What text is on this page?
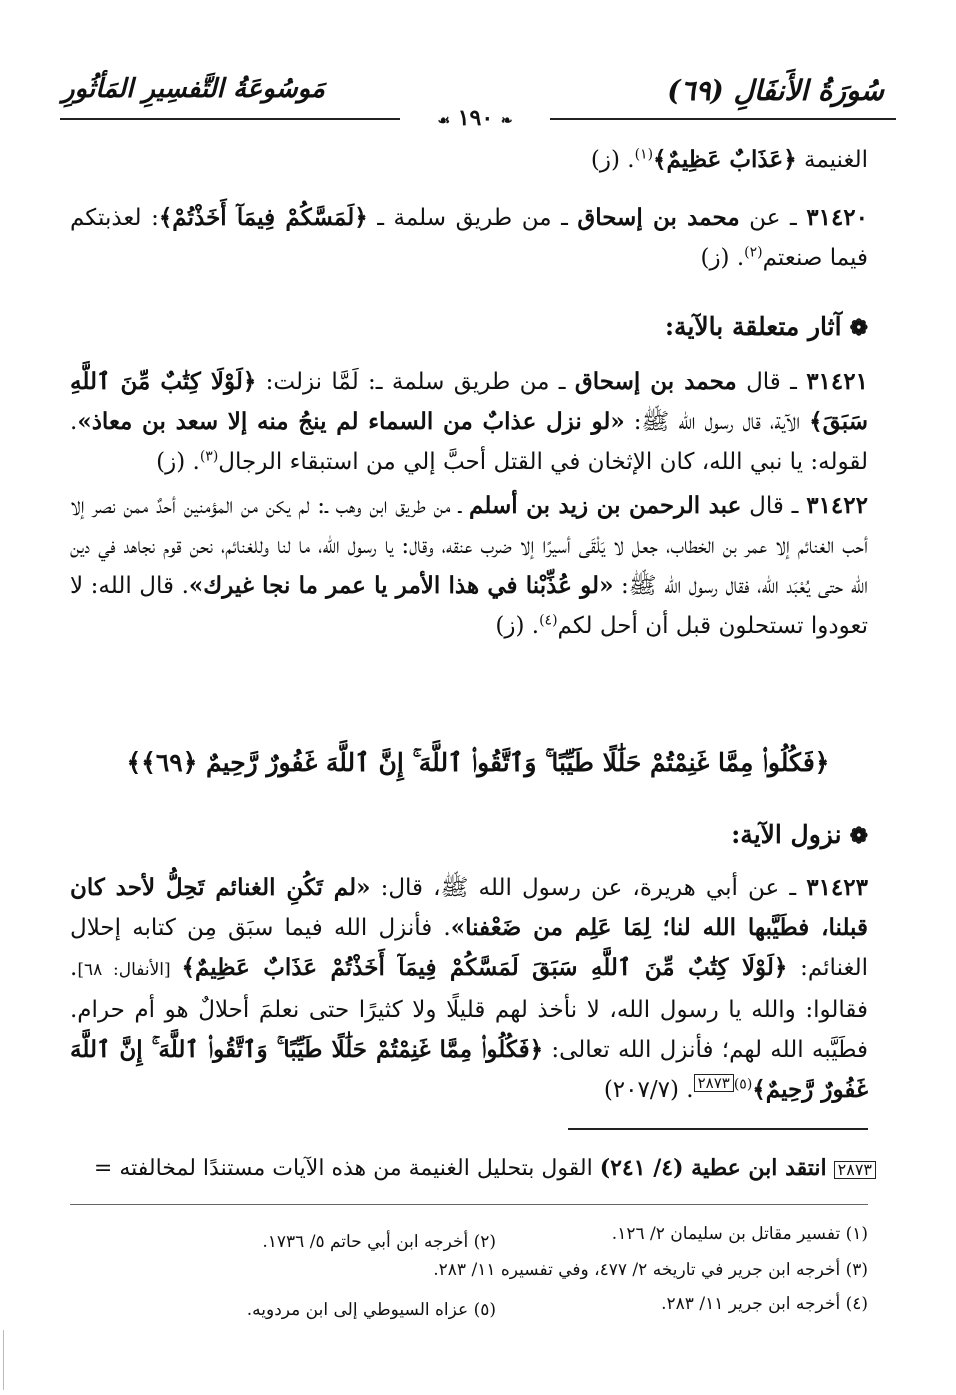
سُورَةُ الأَنفَالِ (٦٩)
مَوسُوعَةُ التَّفسِيرِ المَأثُورِ
❧ ١٩٠ ☙
الغنيمة ﴿عَذَابٌ عَظِيمٌ﴾$^{(١)}$. (ز)
٣١٤٢٠ ـ عن محمد بن إسحاق ـ من طريق سلمة ـ ﴿لَمَسَّكُمْ فِيمَآ أَخَذْتُمْ﴾: لعذبتكم فيما صنعتم$^{(٢)}$. (ز)
❁آثار متعلقة بالآية:
٣١٤٢١ ـ قال محمد بن إسحاق ـ من طريق سلمة ـ: لَمَّا نزلت: ﴿لَوْلَا كِتَٰبٌ مِّنَ ٱللَّهِ سَبَقَ﴾ الآية، قال رسول الله ﷺ: «لو نزل عذابٌ من السماء لم ينجُ منه إلا سعد بن معاذ». لقوله: يا نبي الله، كان الإثخان في القتل أحبَّ إلي من استبقاء الرجال$^{(٣)}$. (ز)
٣١٤٢٢ ـ قال عبد الرحمن بن زيد بن أسلم ـ من طريق ابن وهب ـ: لم يكن من المؤمنين أحدٌ ممن نصر إلا أحب الغنائم إلا عمر بن الخطاب، جعل لا يَلْقَى أسيرًا إلا ضرب عنقه، وقال: يا رسول الله، ما لنا وللغنائم، نحن قوم نجاهد في دين الله حتى يُعْبَد الله، فقال رسول الله ﷺ: «لو عُذِّبْنا في هذا الأمر يا عمر ما نجا غيرك». قال الله: لا تعودوا تستحلون قبل أن أحل لكم$^{(٤)}$. (ز)
﴿فَكُلُوا۟ مِمَّا غَنِمْتُمْ حَلَٰلًا طَيِّبًا ۚ وَٱتَّقُوا۟ ٱللَّهَ ۚ إِنَّ ٱللَّهَ غَفُورٌ رَّحِيمٌ ﴿٦٩﴾﴾
❁نزول الآية:
٣١٤٢٣ ـ عن أبي هريرة، عن رسول الله ﷺ، قال: «لم تَكُنِ الغنائم تَحِلُّ لأحد كان قبلنا، فطَيَّبها الله لنا؛ لِمَا عَلِم من ضَعْفنا». فأنزل الله فيما سبَق مِن كتابه إحلال الغنائم: ﴿لَوْلَا كِتَٰبٌ مِّنَ ٱللَّهِ سَبَقَ لَمَسَّكُمْ فِيمَآ أَخَذْتُمْ عَذَابٌ عَظِيمٌ﴾ [الأنفال: ٦٨]. فقالوا: والله يا رسول الله، لا نأخذ لهم قليلًا ولا كثيرًا حتى نعلمَ أحلالٌ هو أم حرام. فطَيَّبه الله لهم؛ فأنزل الله تعالى: ﴿فَكُلُوا۟ مِمَّا غَنِمْتُمْ حَلَٰلًا طَيِّبًا ۚ وَٱتَّقُوا۟ ٱللَّهَ ۚ إِنَّ ٱللَّهَ غَفُورٌ رَّحِيمٌ﴾$^{(٥)}$٢٨٧٣. (٢٠٧/٧)
٢٨٧٣ انتقد ابن عطية (٤/ ٢٤١) القول بتحليل الغنيمة من هذه الآيات مستندًا لمخالفته =
(١) تفسير مقاتل بن سليمان ٢/ ١٢٦.
(٢) أخرجه ابن أبي حاتم ٥/ ١٧٣٦.
(٣) أخرجه ابن جرير في تاريخه ٢/ ٤٧٧، وفي تفسيره ١١/ ٢٨٣.
(٤) أخرجه ابن جرير ١١/ ٢٨٣.
(٥) عزاه السيوطي إلى ابن مردويه.
